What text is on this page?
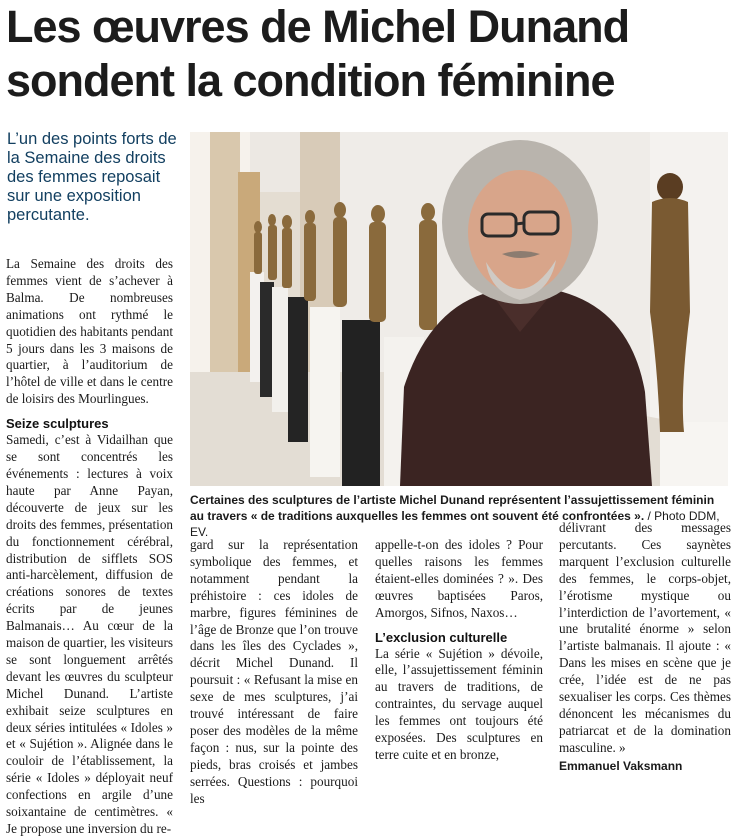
Les œuvres de Michel Dunand
sondent la condition féminine
L’un des points forts de la Semaine des droits des femmes reposait sur une exposition percutante.
Certaines des sculptures de l’artiste Michel Dunand représentent l’assujettissement féminin au travers « de traditions auxquelles les femmes ont souvent été confrontées ». / Photo DDM, EV.

La Semaine des droits des femmes vient de s’achever à Balma. De nombreuses animations ont rythmé le quotidien des habitants pendant 5 jours dans les 3 maisons de quartier, à l’auditorium de l’hôtel de ville et dans le centre de loisirs des Mourlingues.

Seize sculptures

Samedi, c’est à Vidailhan que se sont concentrés les événements : lectures à voix haute par Anne Payan, découverte de jeux sur les droits des femmes, présentation du fonctionnement cérébral, distribution de sifflets SOS anti-harcèlement, diffusion de créations sonores de textes écrits par de jeunes Balmanais… Au cœur de la maison de quartier, les visiteurs se sont longuement arrêtés devant les œuvres du sculpteur Michel Dunand. L’artiste exhibait seize sculptures en deux séries intitulées « Idoles » et « Sujétion ». Alignée dans le couloir de l’établissement, la série « Idoles » déployait neuf confections en argile d’une soixantaine de centimètres. « Je propose une inversion du re-

gard sur la représentation symbolique des femmes, et notamment pendant la préhistoire : ces idoles de marbre, figures féminines de l’âge de Bronze que l’on trouve dans les îles des Cyclades », décrit Michel Dunand. Il poursuit : « Refusant la mise en sexe de mes sculptures, j’ai trouvé intéressant de faire poser des modèles de la même façon : nus, sur la pointe des pieds, bras croisés et jambes serrées. Questions : pourquoi les

appelle-t-on des idoles ? Pour quelles raisons les femmes étaient-elles dominées ? ». Des œuvres baptisées Paros, Amorgos, Sifnos, Naxos…

L’exclusion culturelle

La série « Sujétion » dévoile, elle, l’assujettissement féminin au travers de traditions, de contraintes, du servage auquel les femmes ont toujours été exposées. Des sculptures en terre cuite et en bronze,

délivrant des messages percutants. Ces saynètes marquent l’exclusion culturelle des femmes, le corps-objet, l’érotisme mystique ou l’interdiction de l’avortement, « une brutalité énorme » selon l’artiste balmanais. Il ajoute : « Dans les mises en scène que je crée, l’idée est de ne pas sexualiser les corps. Ces thèmes dénoncent les mécanismes du patriarcat et de la domination masculine. »

Emmanuel Vaksmann
